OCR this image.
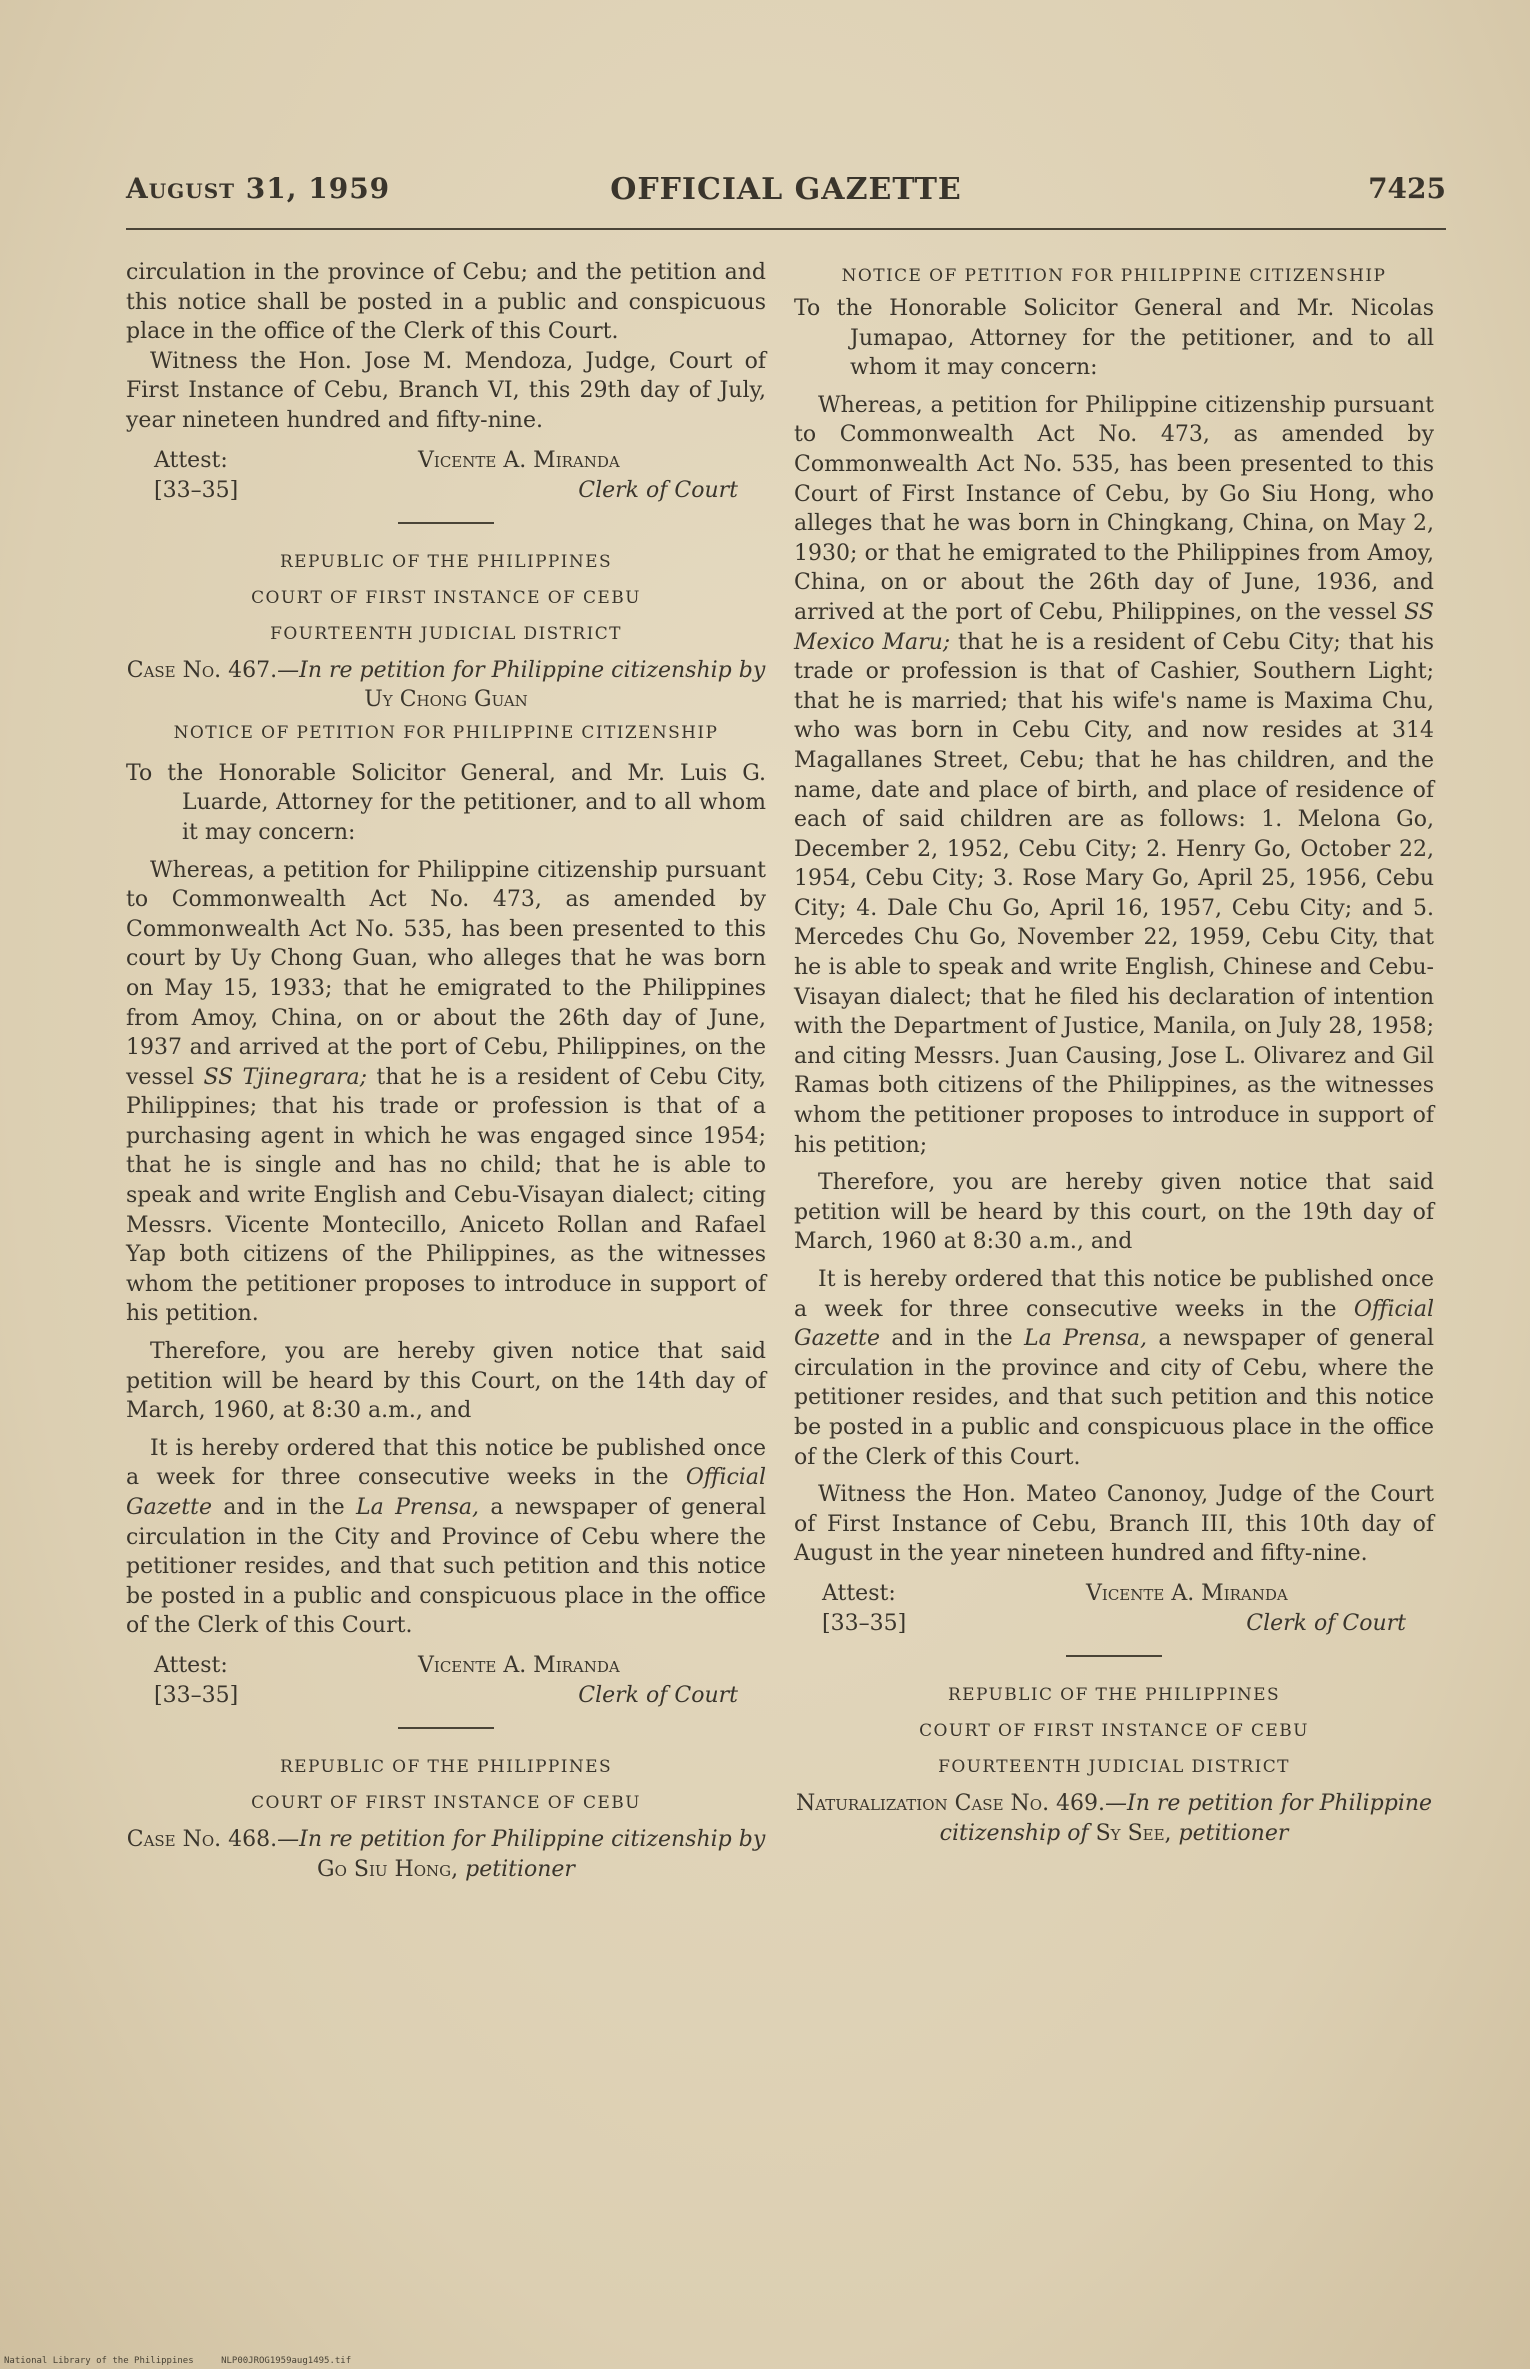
August 31, 1959	OFFICIAL GAZETTE	7425

circulation in the province of Cebu; and the petition and this notice shall be posted in a public and conspicuous place in the office of the Clerk of this Court.

Witness the Hon. Jose M. Mendoza, Judge, Court of First Instance of Cebu, Branch VI, this 29th day of July, year nineteen hundred and fifty-nine.

Attest:
[33–35]
Vicente A. Miranda
Clerk of Court
REPUBLIC OF THE PHILIPPINES
COURT OF FIRST INSTANCE OF CEBU
FOURTEENTH JUDICIAL DISTRICT

Case No. 467.—In re petition for Philippine citizenship by Uy Chong Guan

NOTICE OF PETITION FOR PHILIPPINE CITIZENSHIP

To the Honorable Solicitor General, and Mr. Luis G. Luarde, Attorney for the petitioner, and to all whom it may concern:

Whereas, a petition for Philippine citizenship pursuant to Commonwealth Act No. 473, as amended by Commonwealth Act No. 535, has been presented to this court by Uy Chong Guan, who alleges that he was born on May 15, 1933; that he emigrated to the Philippines from Amoy, China, on or about the 26th day of June, 1937 and arrived at the port of Cebu, Philippines, on the vessel SS Tjinegrara; that he is a resident of Cebu City, Philippines; that his trade or profession is that of a purchasing agent in which he was engaged since 1954; that he is single and has no child; that he is able to speak and write English and Cebu-Visayan dialect; citing Messrs. Vicente Montecillo, Aniceto Rollan and Rafael Yap both citizens of the Philippines, as the witnesses whom the petitioner proposes to introduce in support of his petition.

Therefore, you are hereby given notice that said petition will be heard by this Court, on the 14th day of March, 1960, at 8:30 a.m., and

It is hereby ordered that this notice be published once a week for three consecutive weeks in the Official Gazette and in the La Prensa, a newspaper of general circulation in the City and Province of Cebu where the petitioner resides, and that such petition and this notice be posted in a public and conspicuous place in the office of the Clerk of this Court.

Attest:
[33–35]
Vicente A. Miranda
Clerk of Court
REPUBLIC OF THE PHILIPPINES
COURT OF FIRST INSTANCE OF CEBU

Case No. 468.—In re petition for Philippine citizenship by Go Siu Hong, petitioner

NOTICE OF PETITION FOR PHILIPPINE CITIZENSHIP

To the Honorable Solicitor General and Mr. Nicolas Jumapao, Attorney for the petitioner, and to all whom it may concern:

Whereas, a petition for Philippine citizenship pursuant to Commonwealth Act No. 473, as amended by Commonwealth Act No. 535, has been presented to this Court of First Instance of Cebu, by Go Siu Hong, who alleges that he was born in Chingkang, China, on May 2, 1930; or that he emigrated to the Philippines from Amoy, China, on or about the 26th day of June, 1936, and arrived at the port of Cebu, Philippines, on the vessel SS Mexico Maru; that he is a resident of Cebu City; that his trade or profession is that of Cashier, Southern Light; that he is married; that his wife's name is Maxima Chu, who was born in Cebu City, and now resides at 314 Magallanes Street, Cebu; that he has children, and the name, date and place of birth, and place of residence of each of said children are as follows: 1. Melona Go, December 2, 1952, Cebu City; 2. Henry Go, October 22, 1954, Cebu City; 3. Rose Mary Go, April 25, 1956, Cebu City; 4. Dale Chu Go, April 16, 1957, Cebu City; and 5. Mercedes Chu Go, November 22, 1959, Cebu City, that he is able to speak and write English, Chinese and Cebu-Visayan dialect; that he filed his declaration of intention with the Department of Justice, Manila, on July 28, 1958; and citing Messrs. Juan Causing, Jose L. Olivarez and Gil Ramas both citizens of the Philippines, as the witnesses whom the petitioner proposes to introduce in support of his petition;

Therefore, you are hereby given notice that said petition will be heard by this court, on the 19th day of March, 1960 at 8:30 a.m., and

It is hereby ordered that this notice be published once a week for three consecutive weeks in the Official Gazette and in the La Prensa, a newspaper of general circulation in the province and city of Cebu, where the petitioner resides, and that such petition and this notice be posted in a public and conspicuous place in the office of the Clerk of this Court.

Witness the Hon. Mateo Canonoy, Judge of the Court of First Instance of Cebu, Branch III, this 10th day of August in the year nineteen hundred and fifty-nine.

Attest:
[33–35]
Vicente A. Miranda
Clerk of Court
REPUBLIC OF THE PHILIPPINES
COURT OF FIRST INSTANCE OF CEBU
FOURTEENTH JUDICIAL DISTRICT

Naturalization Case No. 469.—In re petition for Philippine citizenship of Sy See, petitioner

National Library of the Philippines	NLP00JROG1959aug1495.tif
